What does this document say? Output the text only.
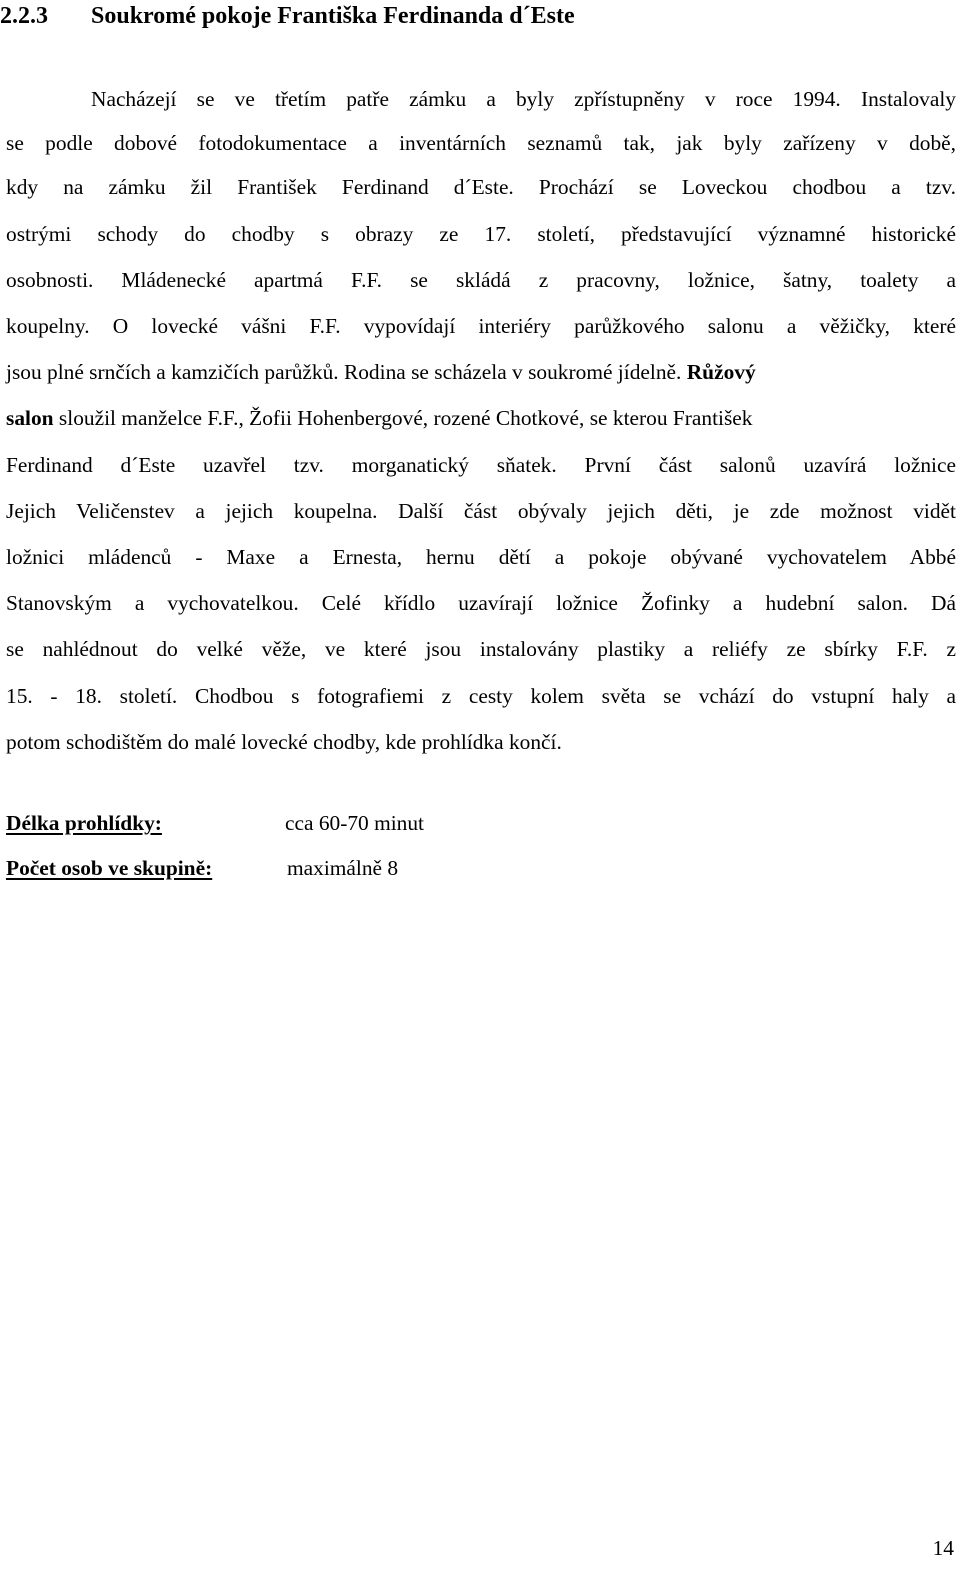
2.2.3 Soukromé pokoje Františka Ferdinanda d´Este
Nacházejí se ve třetím patře zámku a byly zpřístupněny v roce 1994. Instalovaly
se podle dobové fotodokumentace a inventárních seznamů tak, jak byly zařízeny v době,
kdy na zámku žil František Ferdinand d´Este. Prochází se Loveckou chodbou a tzv.
ostrými schody do chodby s obrazy ze 17. století, představující významné historické
osobnosti. Mládenecké apartmá F.F. se skládá z pracovny, ložnice, šatny, toalety a
koupelny. O lovecké vášni F.F. vypovídají interiéry parůžkového salonu a věžičky, které
jsou plné srnčích a kamzičích parůžků. Rodina se scházela v soukromé jídelně. Růžový
salon sloužil manželce F.F., Žofii Hohenbergové, rozené Chotkové, se kterou František
Ferdinand d´Este uzavřel tzv. morganatický sňatek. První část salonů uzavírá ložnice
Jejich Veličenstev a jejich koupelna. Další část obývaly jejich děti, je zde možnost vidět
ložnici mládenců - Maxe a Ernesta, hernu dětí a pokoje obývané vychovatelem Abbé
Stanovským a vychovatelkou. Celé křídlo uzavírají ložnice Žofinky a hudební salon. Dá
se nahlédnout do velké věže, ve které jsou instalovány plastiky a reliéfy ze sbírky F.F. z
15. - 18. století. Chodbou s fotografiemi z cesty kolem světa se vchází do vstupní haly a
potom schodištěm do malé lovecké chodby, kde prohlídka končí.
Délka prohlídky:	cca 60-70 minut
Počet osob ve skupině:	maximálně 8
14
